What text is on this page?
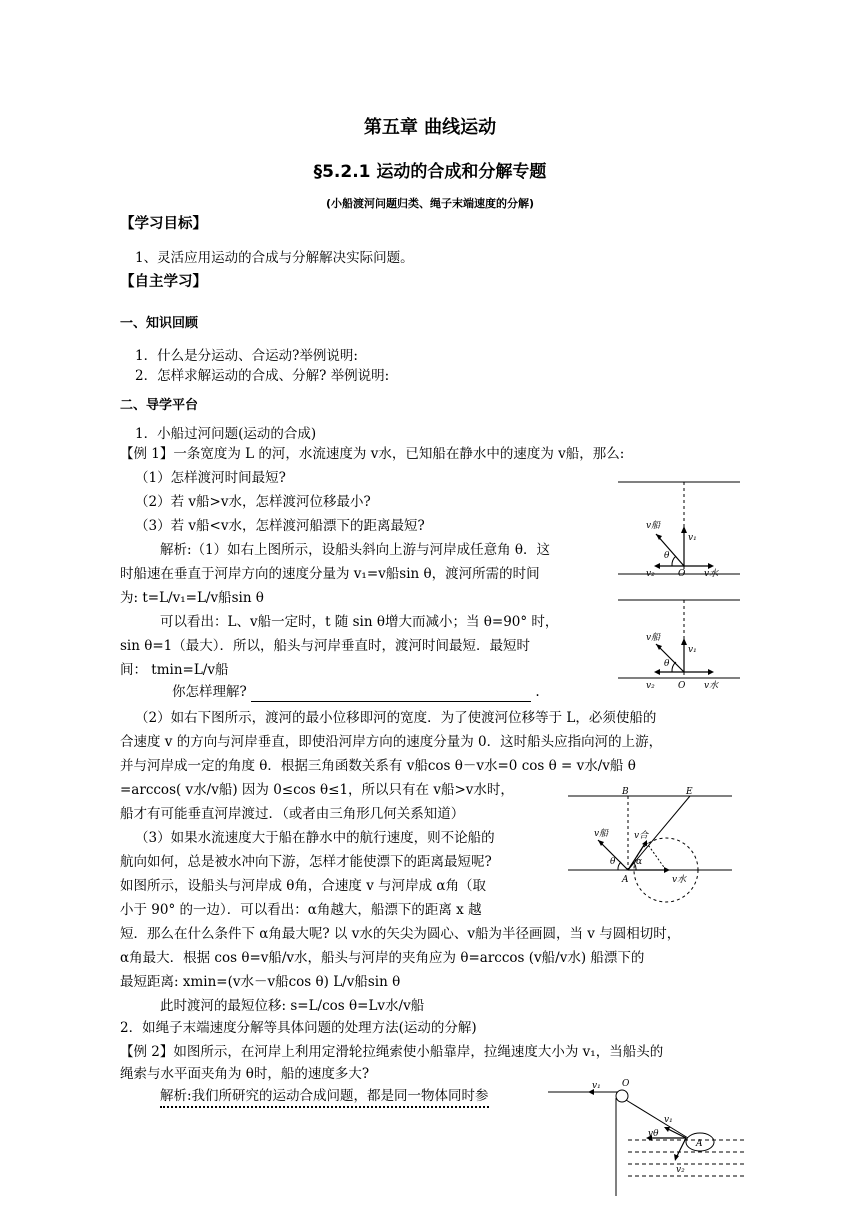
第五章 曲线运动
§5.2.1 运动的合成和分解专题
(小船渡河问题归类、绳子末端速度的分解)
【学习目标】
1、灵活应用运动的合成与分解解决实际问题。
【自主学习】
一、知识回顾
1．什么是分运动、合运动?举例说明:
2．怎样求解运动的合成、分解? 举例说明:
二、导学平台
1．小船过河问题(运动的合成)
【例 1】一条宽度为 L 的河，水流速度为 v水，已知船在静水中的速度为 v船，那么:
（1）怎样渡河时间最短?
（2）若 v船>v水，怎样渡河位移最小?
（3）若 v船<v水，怎样渡河船漂下的距离最短?
解析:（1）如右上图所示，设船头斜向上游与河岸成任意角 θ．这
时船速在垂直于河岸方向的速度分量为 v₁=v船sin θ，渡河所需的时间
为: t=L/v₁=L/v船sin θ
可以看出：L、v船一定时，t 随 sin θ增大而减小；当 θ=90° 时，
sin θ=1（最大）．所以，船头与河岸垂直时，渡河时间最短．最短时
间： tmin=L/v船
你怎样理解?	.
（2）如右下图所示，渡河的最小位移即河的宽度．为了使渡河位移等于 L，必须使船的
合速度 v 的方向与河岸垂直，即使沿河岸方向的速度分量为 0．这时船头应指向河的上游，
并与河岸成一定的角度 θ．根据三角函数关系有 v船cos θ－v水=0 cos θ = v水/v船 θ
=arccos( v水/v船) 因为 0≤cos θ≤1，所以只有在 v船>v水时，
船才有可能垂直河岸渡过．（或者由三角形几何关系知道）
（3）如果水流速度大于船在静水中的航行速度，则不论船的
航向如何，总是被水冲向下游，怎样才能使漂下的距离最短呢?
如图所示，设船头与河岸成 θ角，合速度 v 与河岸成 α角（取
小于 90° 的一边）．可以看出：α角越大，船漂下的距离 x 越
短．那么在什么条件下 α角最大呢? 以 v水的矢尖为圆心、v船为半径画圆，当 v 与圆相切时，
α角最大．根据 cos θ=v船/v水，船头与河岸的夹角应为 θ=arccos (v船/v水) 船漂下的
最短距离: xmin=(v水－v船cos θ) L/v船sin θ
此时渡河的最短位移: s=L/cos θ=Lv水/v船
2．如绳子末端速度分解等具体问题的处理方法(运动的分解)
【例 2】如图所示，在河岸上利用定滑轮拉绳索使小船靠岸，拉绳速度大小为 v₁，当船头的
绳索与水平面夹角为 θ时，船的速度多大?
解析:我们所研究的运动合成问题，都是同一物体同时参
v船
v₁
θ
v₂	O v水
v船
v₁
θ
v₂	O v水
B	E
v船	v合
θ α
A	v水
v₁ O
v₁
vθ
A
v₂
